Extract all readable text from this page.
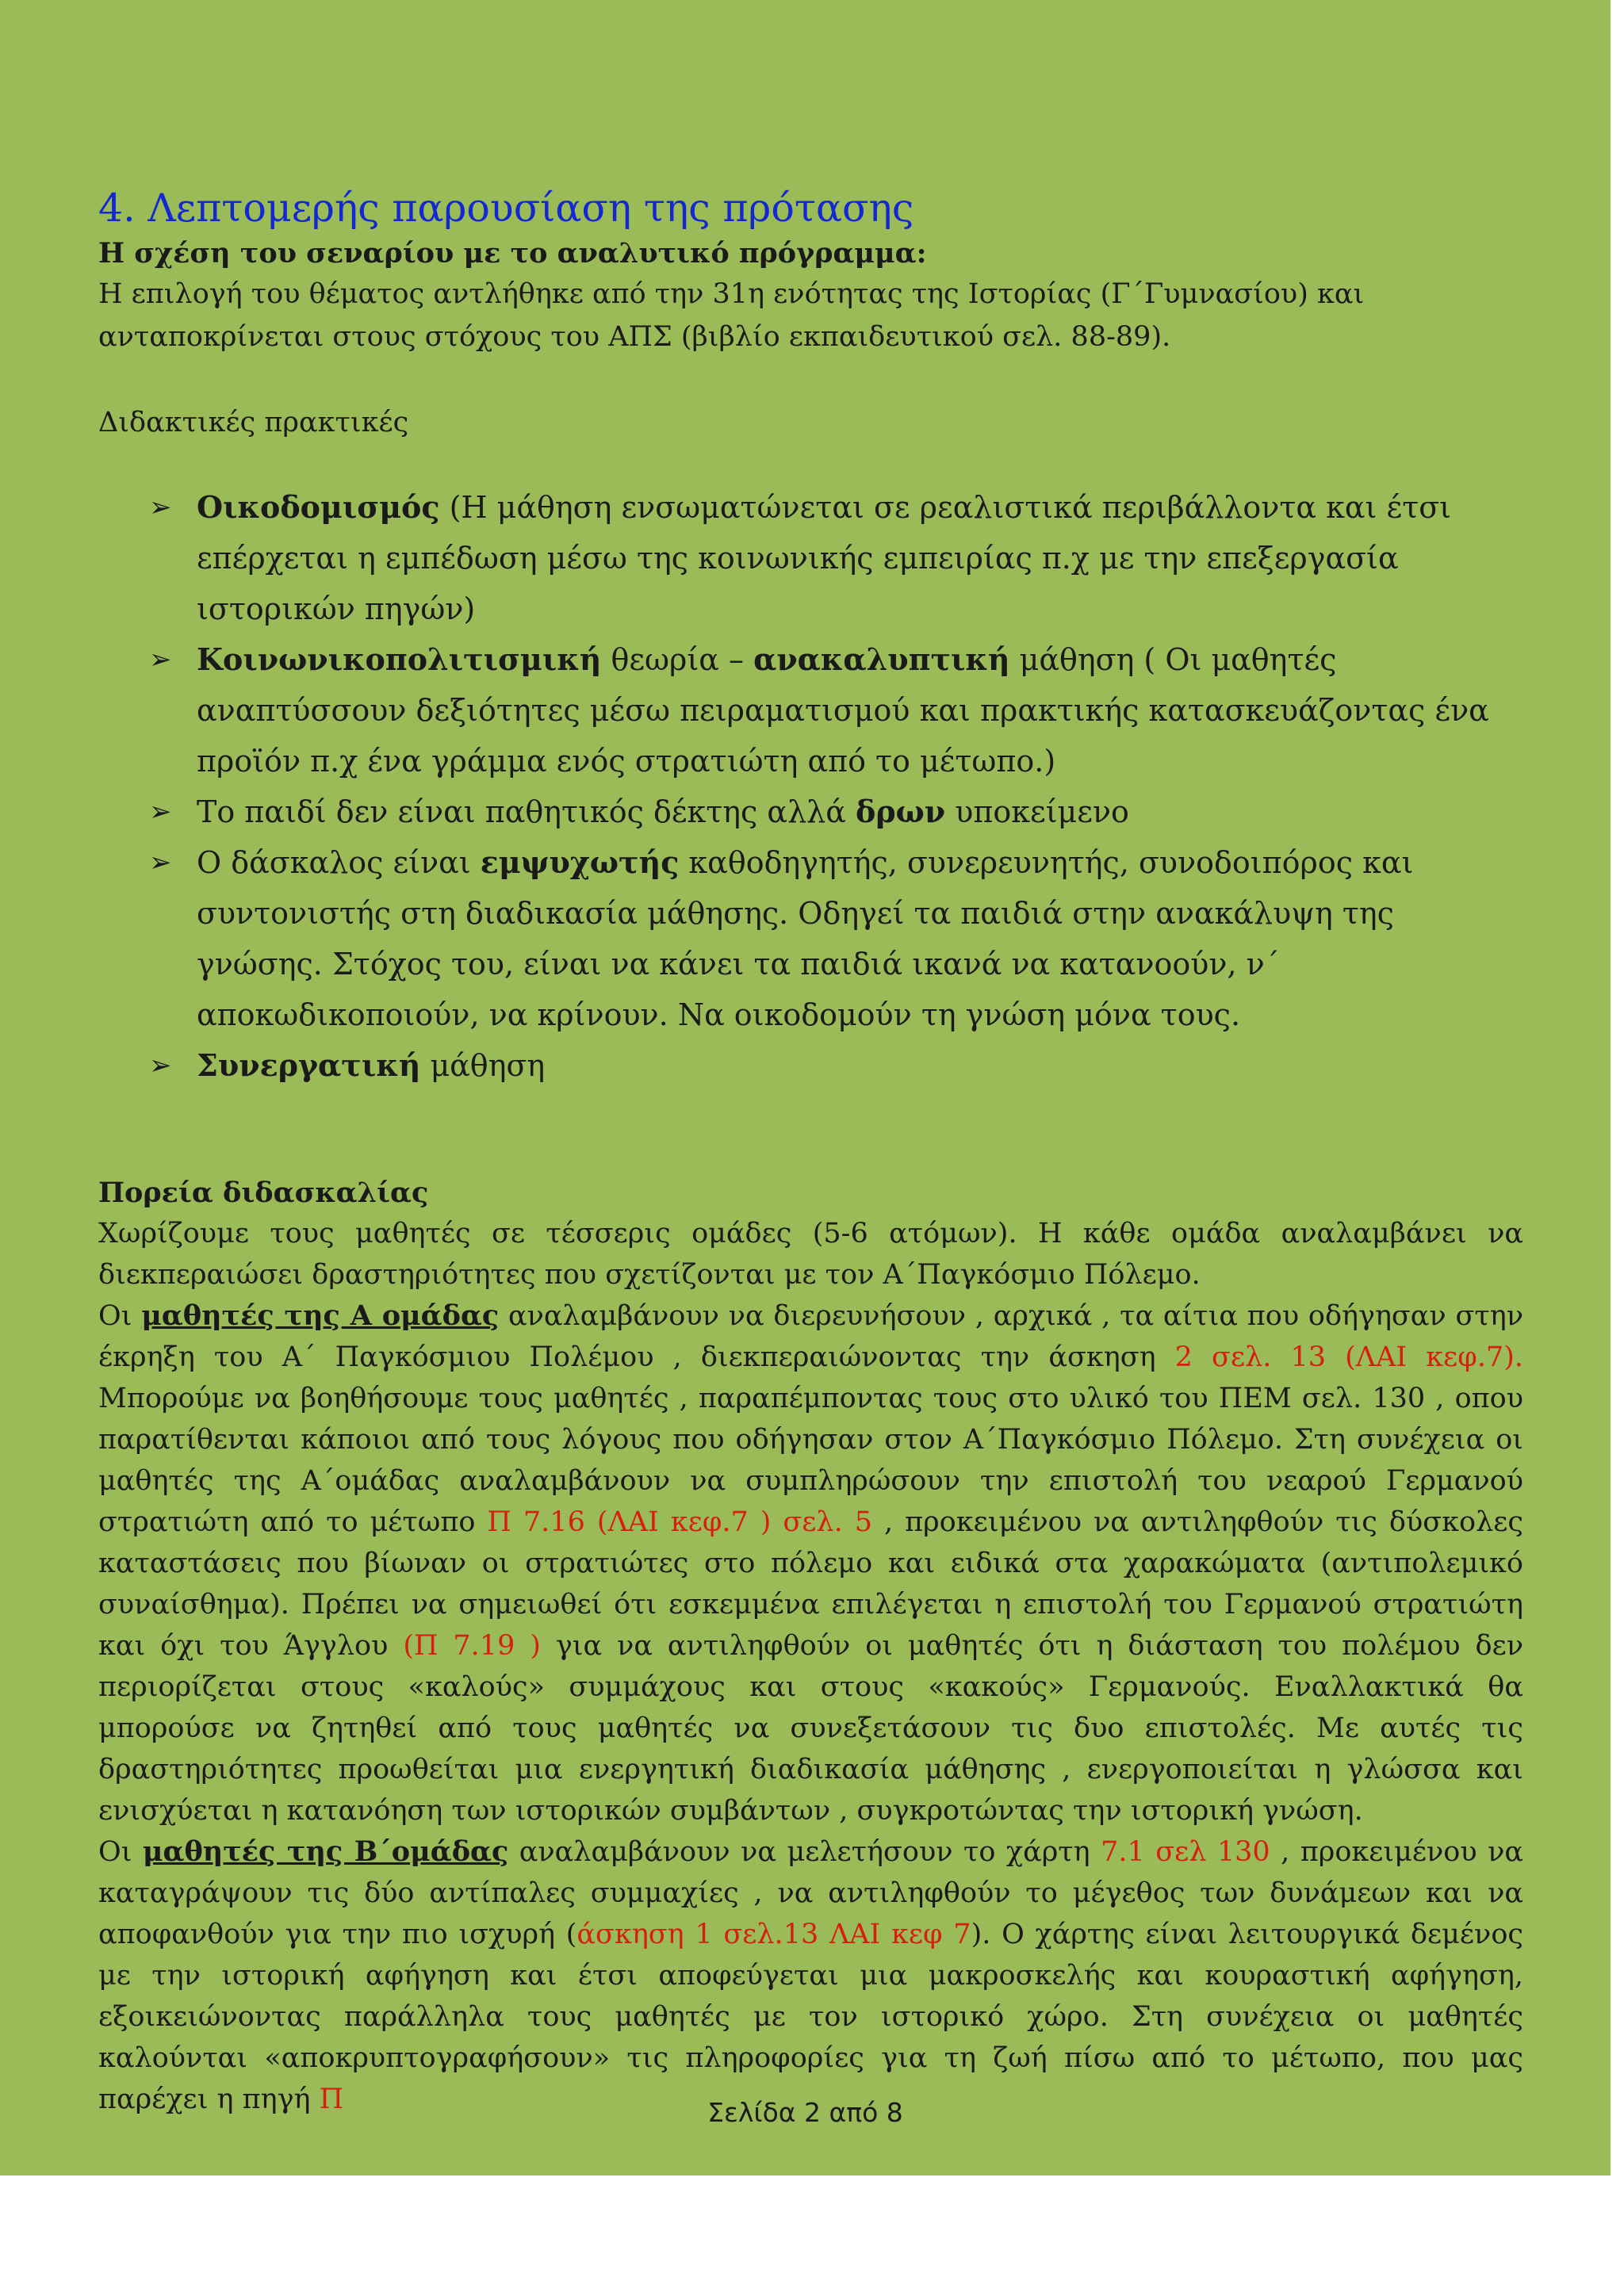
4. Λεπτομερής παρουσίαση της πρότασης
Η σχέση του σεναρίου με το αναλυτικό πρόγραμμα:

Η επιλογή του θέματος αντλήθηκε από την 31η ενότητας της Ιστορίας (Γ΄Γυμνασίου) και

ανταποκρίνεται στους στόχους του ΑΠΣ (βιβλίο εκπαιδευτικού σελ. 88-89).

Διδακτικές πρακτικές
➢ Οικοδομισμός (Η μάθηση ενσωματώνεται σε ρεαλιστικά περιβάλλοντα και έτσι επέρχεται η εμπέδωση μέσω της κοινωνικής εμπειρίας π.χ με την επεξεργασία ιστορικών πηγών)
➢ Κοινωνικοπολιτισμική θεωρία – ανακαλυπτική μάθηση ( Οι μαθητές αναπτύσσουν δεξιότητες μέσω πειραματισμού και πρακτικής κατασκευάζοντας ένα προϊόν π.χ ένα γράμμα ενός στρατιώτη από το μέτωπο.)
➢ Το παιδί δεν είναι παθητικός δέκτης αλλά δρων υποκείμενο
➢ Ο δάσκαλος είναι εμψυχωτής καθοδηγητής, συνερευνητής, συνοδοιπόρος και συντονιστής στη διαδικασία μάθησης. Οδηγεί τα παιδιά στην ανακάλυψη της γνώσης. Στόχος του, είναι να κάνει τα παιδιά ικανά να κατανοούν, ν΄ αποκωδικοποιούν, να κρίνουν. Να οικοδομούν τη γνώση μόνα τους.
➢ Συνεργατική μάθηση
Πορεία διδασκαλίας

Χωρίζουμε τους μαθητές σε τέσσερις ομάδες (5-6 ατόμων). Η κάθε ομάδα αναλαμβάνει να διεκπεραιώσει δραστηριότητες που σχετίζονται με τον Α΄Παγκόσμιο Πόλεμο.

Οι μαθητές της Α ομάδας αναλαμβάνουν να διερευνήσουν , αρχικά , τα αίτια που οδήγησαν στην έκρηξη του Α΄ Παγκόσμιου Πολέμου , διεκπεραιώνοντας την άσκηση 2 σελ. 13 (ΛΑΙ κεφ.7). Μπορούμε να βοηθήσουμε τους μαθητές , παραπέμποντας τους στο υλικό του ΠΕΜ σελ. 130 , οπου παρατίθενται κάποιοι από τους λόγους που οδήγησαν στον Α΄Παγκόσμιο Πόλεμο. Στη συνέχεια οι μαθητές της Α΄ομάδας αναλαμβάνουν να συμπληρώσουν την επιστολή του νεαρού Γερμανού στρατιώτη από το μέτωπο Π 7.16 (ΛΑΙ κεφ.7 ) σελ. 5 , προκειμένου να αντιληφθούν τις δύσκολες καταστάσεις που βίωναν οι στρατιώτες στο πόλεμο και ειδικά στα χαρακώματα (αντιπολεμικό συναίσθημα). Πρέπει να σημειωθεί ότι εσκεμμένα επιλέγεται η επιστολή του Γερμανού στρατιώτη και όχι του Άγγλου (Π 7.19 ) για να αντιληφθούν οι μαθητές ότι η διάσταση του πολέμου δεν περιορίζεται στους «καλούς» συμμάχους και στους «κακούς» Γερμανούς. Εναλλακτικά θα μπορούσε να ζητηθεί από τους μαθητές να συνεξετάσουν τις δυο επιστολές. Με αυτές τις δραστηριότητες προωθείται μια ενεργητική διαδικασία μάθησης , ενεργοποιείται η γλώσσα και ενισχύεται η κατανόηση των ιστορικών συμβάντων , συγκροτώντας την ιστορική γνώση.

Οι μαθητές της Β΄ομάδας αναλαμβάνουν να μελετήσουν το χάρτη 7.1 σελ 130 , προκειμένου να καταγράψουν τις δύο αντίπαλες συμμαχίες , να αντιληφθούν το μέγεθος των δυνάμεων και να αποφανθούν για την πιο ισχυρή (άσκηση 1 σελ.13 ΛΑΙ κεφ 7). Ο χάρτης είναι λειτουργικά δεμένος με την ιστορική αφήγηση και έτσι αποφεύγεται μια μακροσκελής και κουραστική αφήγηση, εξοικειώνοντας παράλληλα τους μαθητές με τον ιστορικό χώρο. Στη συνέχεια οι μαθητές καλούνται «αποκρυπτογραφήσουν» τις πληροφορίες για τη ζωή πίσω από το μέτωπο, που μας παρέχει η πηγή Π	Σελίδα 2 από 8
